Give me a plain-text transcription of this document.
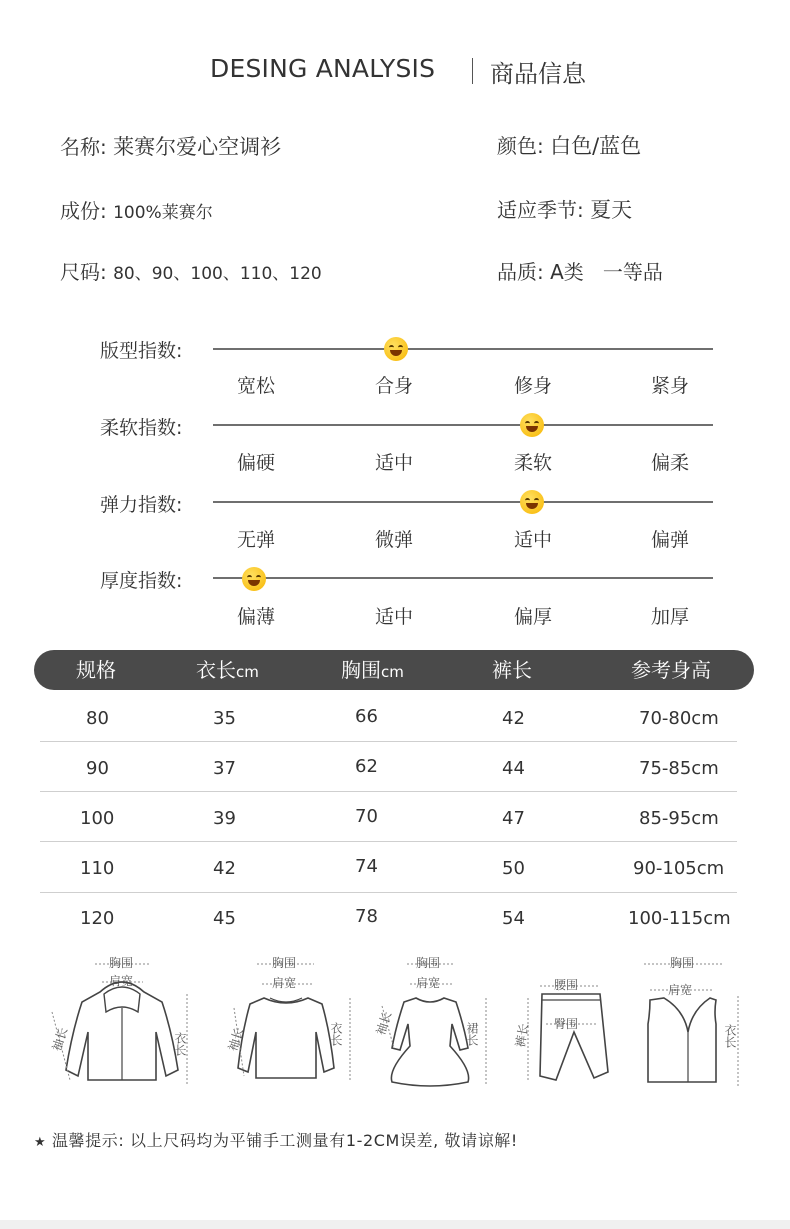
DESING ANALYSIS 商品信息
名称: 莱赛尔爱心空调衫	颜色: 白色/蓝色
成份: 100%莱赛尔	适应季节: 夏天
尺码: 80、90、100、110、120	品质: A类   一等品
版型指数:
宽松	合身	修身	紧身
柔软指数:
偏硬	适中	柔软	偏柔
弹力指数:
无弹	微弹	适中	偏弹
厚度指数:
偏薄	适中	偏厚	加厚
规格	衣长cm	胸围cm	裤长	参考身高
80	35	66	42	70-80cm
90	37	62	44	75-85cm
100	39	70	47	85-95cm
110	42	74	50	90-105cm
120	45	78	54	100-115cm
胸围
肩宽
袖长	衣长
胸围
肩宽
袖长	衣长
胸围
肩宽
袖长	裙长
腰围
臀围
裤长
胸围
肩宽
衣长
★ 温馨提示: 以上尺码均为平铺手工测量有1-2CM误差, 敬请谅解!
